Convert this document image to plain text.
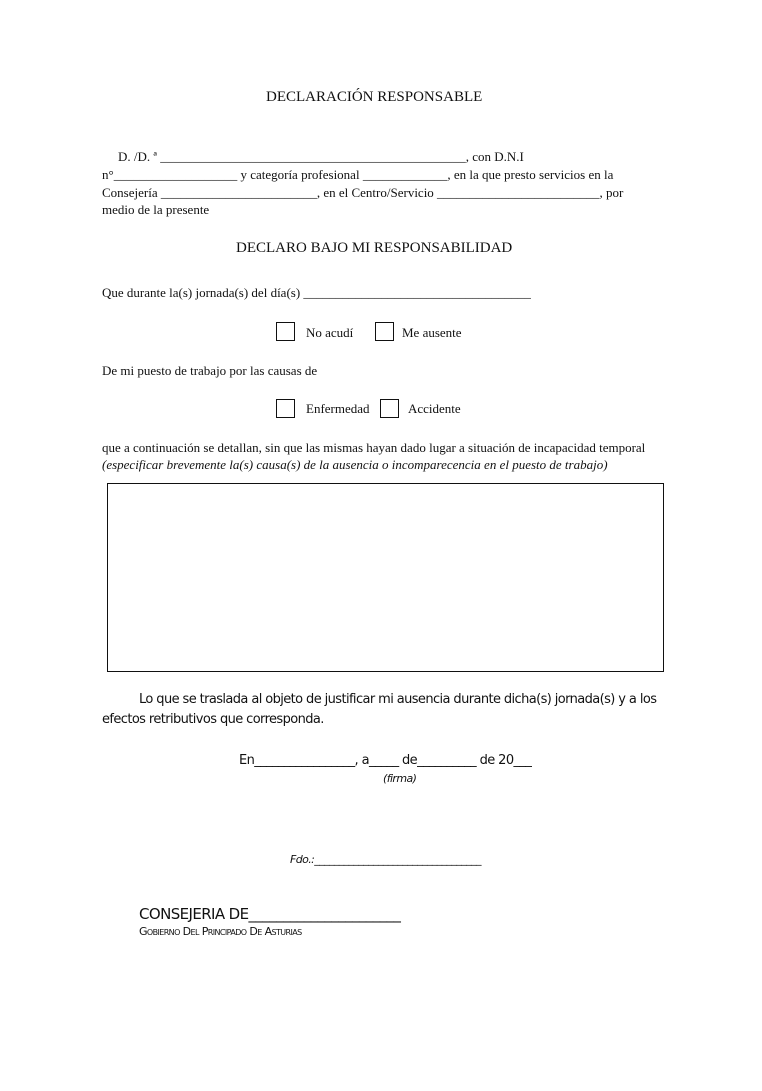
DECLARACIÓN RESPONSABLE
D. /D. ª _______________________________________________, con D.N.I
n°___________________ y categoría profesional _____________, en la que presto servicios en la
Consejería ________________________, en el Centro/Servicio _________________________, por
medio de la presente
DECLARO BAJO MI RESPONSABILIDAD
Que durante la(s) jornada(s) del día(s) ___________________________________
No acudí	Me ausente
De mi puesto de trabajo por las causas de
Enfermedad	Accidente
que a continuación se detallan, sin que las mismas hayan dado lugar a situación de incapacidad temporal
(especificar brevemente la(s) causa(s) de la ausencia o incomparecencia en el puesto de trabajo)
Lo que se traslada al objeto de justificar mi ausencia durante dicha(s) jornada(s) y a los
efectos retributivos que corresponda.
En_________________, a_____ de__________ de 20___
(firma)
Fdo.:__________________________________
CONSEJERIA DE______________________
Gobierno Del Principado De Asturias
